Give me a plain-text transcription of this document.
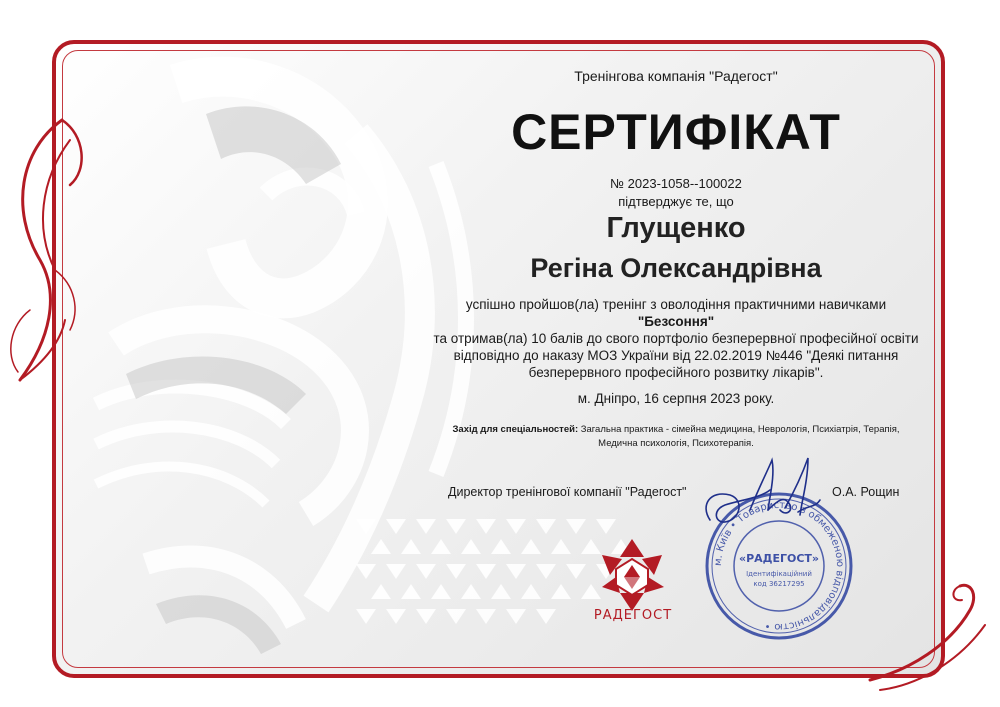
Тренінгова компанія "Радегост"
СЕРТИФІКАТ
№ 2023-1058--100022
підтверджує те, що
Глущенко
Регіна Олександрівна
успішно пройшов(ла) тренінг з оволодіння практичними навичками
"Безсоння"
та отримав(ла) 10 балів до свого портфоліо безперервної професійної освіти
відповідно до наказу МОЗ України від 22.02.2019 №446 "Деякі питання
безперервного професійного розвитку лікарів".
м. Дніпро, 16 серпня 2023 року.
Захід для спеціальностей: Загальна практика - сімейна медицина, Неврологія, Психіатрія, Терапія,
Медична психологія, Психотерапія.
Директор тренінгової компанії "Радегост"	О.А. Рощин
РАДЕГОСТ
м. Київ • Товариство з обмеженою відповідальністю •
«РАДЕГОСТ»
Ідентифікаційний
код 36217295
